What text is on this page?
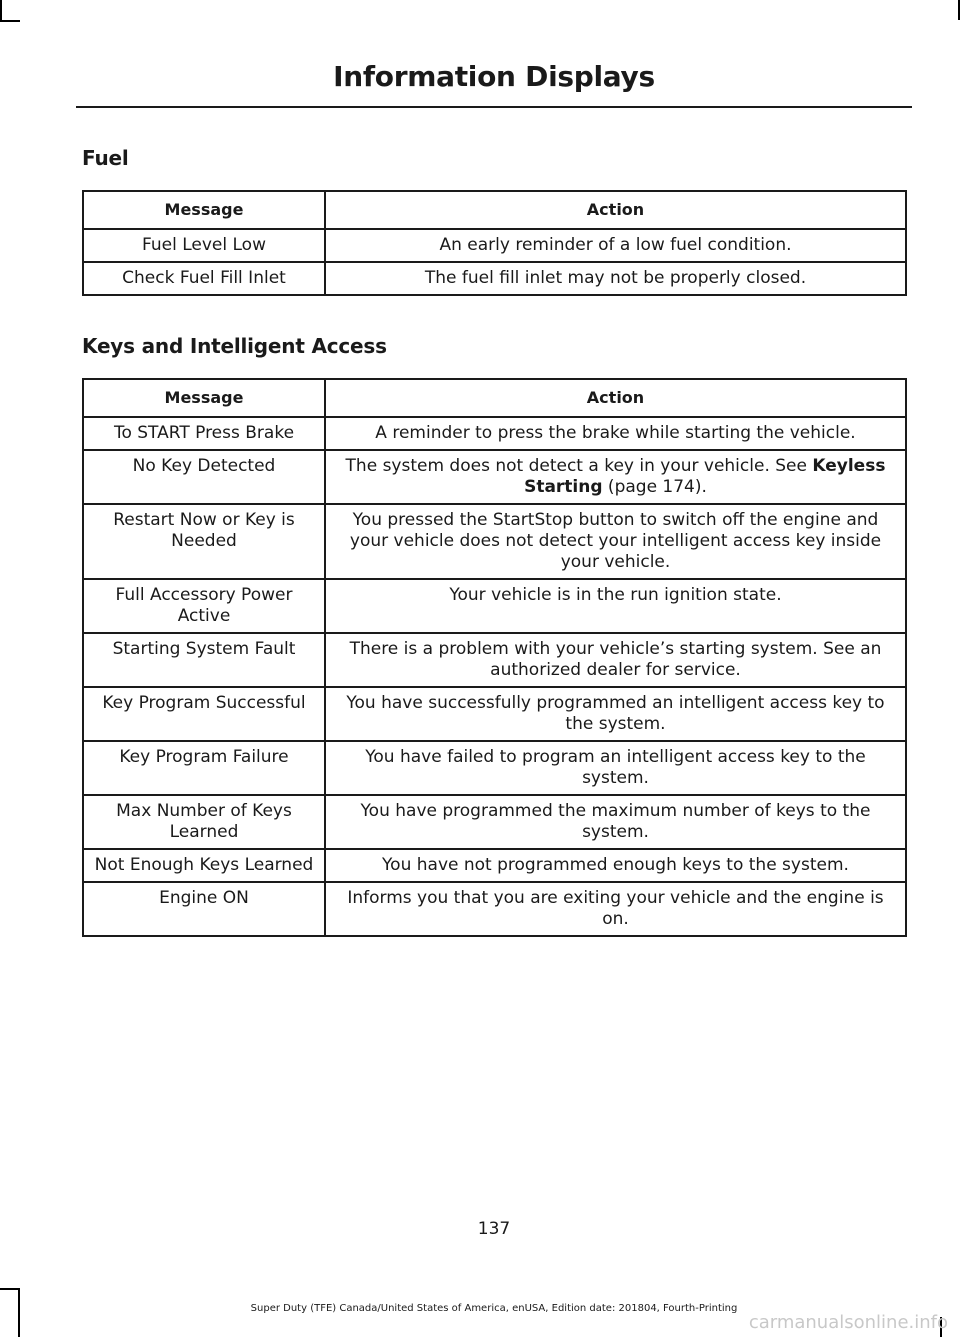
Information Displays
Fuel
Message	Action
Fuel Level Low	An early reminder of a low fuel condition.
Check Fuel Fill Inlet	The fuel fill inlet may not be properly closed.
Keys and Intelligent Access
Message	Action
To START Press Brake	A reminder to press the brake while starting the vehicle.
No Key Detected	The system does not detect a key in your vehicle. See Keyless Starting (page 174).
Restart Now or Key is Needed	You pressed the StartStop button to switch off the engine and your vehicle does not detect your intelligent access key inside your vehicle.
Full Accessory Power Active	Your vehicle is in the run ignition state.
Starting System Fault	There is a problem with your vehicle’s starting system. See an authorized dealer for service.
Key Program Successful	You have successfully programmed an intelligent access key to the system.
Key Program Failure	You have failed to program an intelligent access key to the system.
Max Number of Keys Learned	You have programmed the maximum number of keys to the system.
Not Enough Keys Learned	You have not programmed enough keys to the system.
Engine ON	Informs you that you are exiting your vehicle and the engine is on.
137
Super Duty (TFE) Canada/United States of America, enUSA, Edition date: 201804, Fourth-Printing
carmanualsonline.info
